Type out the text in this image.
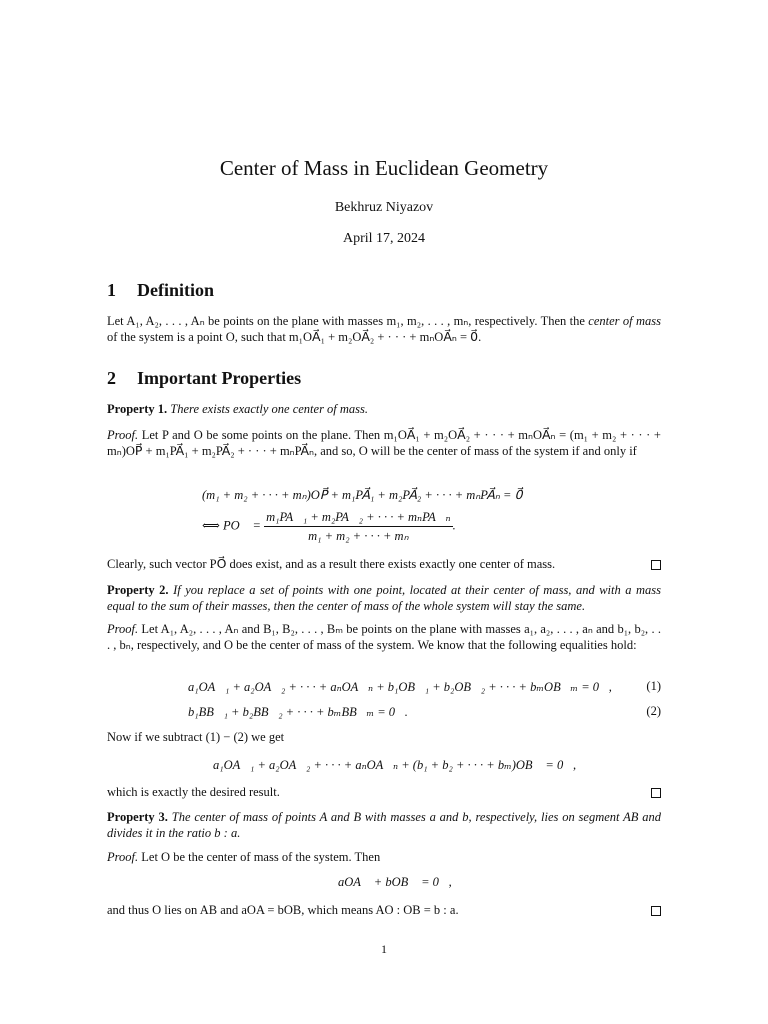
Center of Mass in Euclidean Geometry
Bekhruz Niyazov
April 17, 2024
1 Definition
Let A₁, A₂, . . . , Aₙ be points on the plane with masses m₁, m₂, . . . , mₙ, respectively. Then the center of mass of the system is a point O, such that m₁OA⃗₁ + m₂OA⃗₂ + · · · + mₙOA⃗ₙ = 0⃗.
2 Important Properties
Property 1. There exists exactly one center of mass.
Proof. Let P and O be some points on the plane. Then m₁OA⃗₁ + m₂OA⃗₂ + · · · + mₙOA⃗ₙ = (m₁ + m₂ + · · · + mₙ)OP⃗ + m₁PA⃗₁ + m₂PA⃗₂ + · · · + mₙPA⃗ₙ, and so, O will be the center of mass of the system if and only if
(m₁ + m₂ + · · · + mₙ)OP⃗ + m₁PA⃗₁ + m₂PA⃗₂ + · · · + mₙPA⃗ₙ = 0⃗
⟺ PO⃗ = $\frac{\text{m₁PA⃗₁ + m₂PA⃗₂ + · · · + mₙPA⃗ₙ}}{\text{m₁ + m₂ + · · · + mₙ}}$ .
Clearly, such vector PO⃗ does exist, and as a result there exists exactly one center of mass.
Property 2. If you replace a set of points with one point, located at their center of mass, and with a mass equal to the sum of their masses, then the center of mass of the whole system will stay the same.
Proof. Let A₁, A₂, . . . , Aₙ and B₁, B₂, . . . , Bₘ be points on the plane with masses a₁, a₂, . . . , aₙ and b₁, b₂, . . . , bₙ, respectively, and O be the center of mass of the system. We know that the following equalities hold:
a₁OA⃗₁ + a₂OA⃗₂ + · · · + aₙOA⃗ₙ + b₁OB⃗₁ + b₂OB⃗₂ + · · · + bₘOB⃗ₘ = 0⃗,	(1)
b₁BB⃗₁ + b₂BB⃗₂ + · · · + bₘBB⃗ₘ = 0⃗.	(2)
Now if we subtract (1) − (2) we get
a₁OA⃗₁ + a₂OA⃗₂ + · · · + aₙOA⃗ₙ + (b₁ + b₂ + · · · + bₘ)OB⃗ = 0⃗,
which is exactly the desired result.
Property 3. The center of mass of points A and B with masses a and b, respectively, lies on segment AB and divides it in the ratio b : a.
Proof. Let O be the center of mass of the system. Then
aOA⃗ + bOB⃗ = 0⃗,
and thus O lies on AB and aOA = bOB, which means AO : OB = b : a.
1
